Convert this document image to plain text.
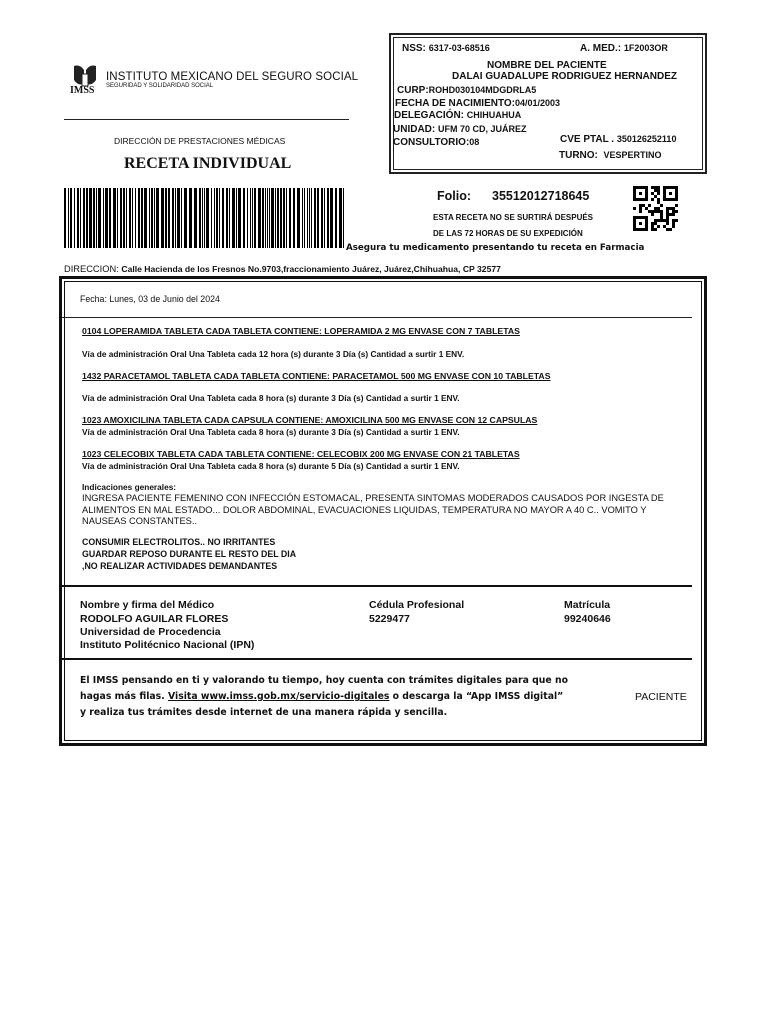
IMSS
INSTITUTO MEXICANO DEL SEGURO SOCIAL
SEGURIDAD Y SOLIDARIDAD SOCIAL
DIRECCIÓN DE PRESTACIONES MÉDICAS
RECETA INDIVIDUAL
NSS: 6317-03-68516	A. MED.: 1F2003OR
NOMBRE DEL PACIENTE
DALAI GUADALUPE RODRIGUEZ HERNANDEZ
CURP:ROHD030104MDGDRLA5
FECHA DE NACIMIENTO:04/01/2003
DELEGACIÓN: CHIHUAHUA
UNIDAD: UFM 70 CD, JUÁREZ
CVE PTAL . 350126252110
CONSULTORIO:08
TURNO: VESPERTINO
Folio: 35512012718645
ESTA RECETA NO SE SURTIRÁ DESPUÉS
DE LAS 72 HORAS DE SU EXPEDICIÓN
Asegura tu medicamento presentando tu receta en Farmacia
DIRECCION: Calle Hacienda de los Fresnos No.9703,fraccionamiento Juárez, Juárez,Chihuahua, CP 32577
Fecha: Lunes, 03 de Junio del 2024
0104 LOPERAMIDA TABLETA CADA TABLETA CONTIENE: LOPERAMIDA 2 MG ENVASE CON 7 TABLETAS
Vía de administración Oral Una Tableta cada 12 hora (s) durante 3 Día (s) Cantidad a surtir 1 ENV.
1432 PARACETAMOL TABLETA CADA TABLETA CONTIENE: PARACETAMOL 500 MG ENVASE CON 10 TABLETAS
Vía de administración Oral Una Tableta cada 8 hora (s) durante 3 Día (s) Cantidad a surtir 1 ENV.
1023 AMOXICILINA TABLETA CADA CAPSULA CONTIENE: AMOXICILINA 500 MG ENVASE CON 12 CAPSULAS
Vía de administración Oral Una Tableta cada 8 hora (s) durante 3 Día (s) Cantidad a surtir 1 ENV.
1023 CELECOBIX TABLETA CADA TABLETA CONTIENE: CELECOBIX 200 MG ENVASE CON 21 TABLETAS
Vía de administración Oral Una Tableta cada 8 hora (s) durante 5 Día (s) Cantidad a surtir 1 ENV.
Indicaciones generales:
INGRESA PACIENTE FEMENINO CON INFECCIÓN ESTOMACAL, PRESENTA SINTOMAS MODERADOS CAUSADOS POR INGESTA DE ALIMENTOS EN MAL ESTADO... DOLOR ABDOMINAL, EVACUACIONES LIQUIDAS, TEMPERATURA NO MAYOR A 40 C.. VOMITO Y NAUSEAS CONSTANTES..
CONSUMIR ELECTROLITOS.. NO IRRITANTES
GUARDAR REPOSO DURANTE EL RESTO DEL DIA
,NO REALIZAR ACTIVIDADES DEMANDANTES
Nombre y firma del Médico
RODOLFO AGUILAR FLORES
Universidad de Procedencia
Instituto Politécnico Nacional (IPN)
Cédula Profesional
5229477
Matrícula
99240646
El IMSS pensando en ti y valorando tu tiempo, hoy cuenta con trámites digitales para que no
hagas más filas. Visita www.imss.gob.mx/servicio-digitales o descarga la “App IMSS digital”
y realiza tus trámites desde internet de una manera rápida y sencilla.
PACIENTE
